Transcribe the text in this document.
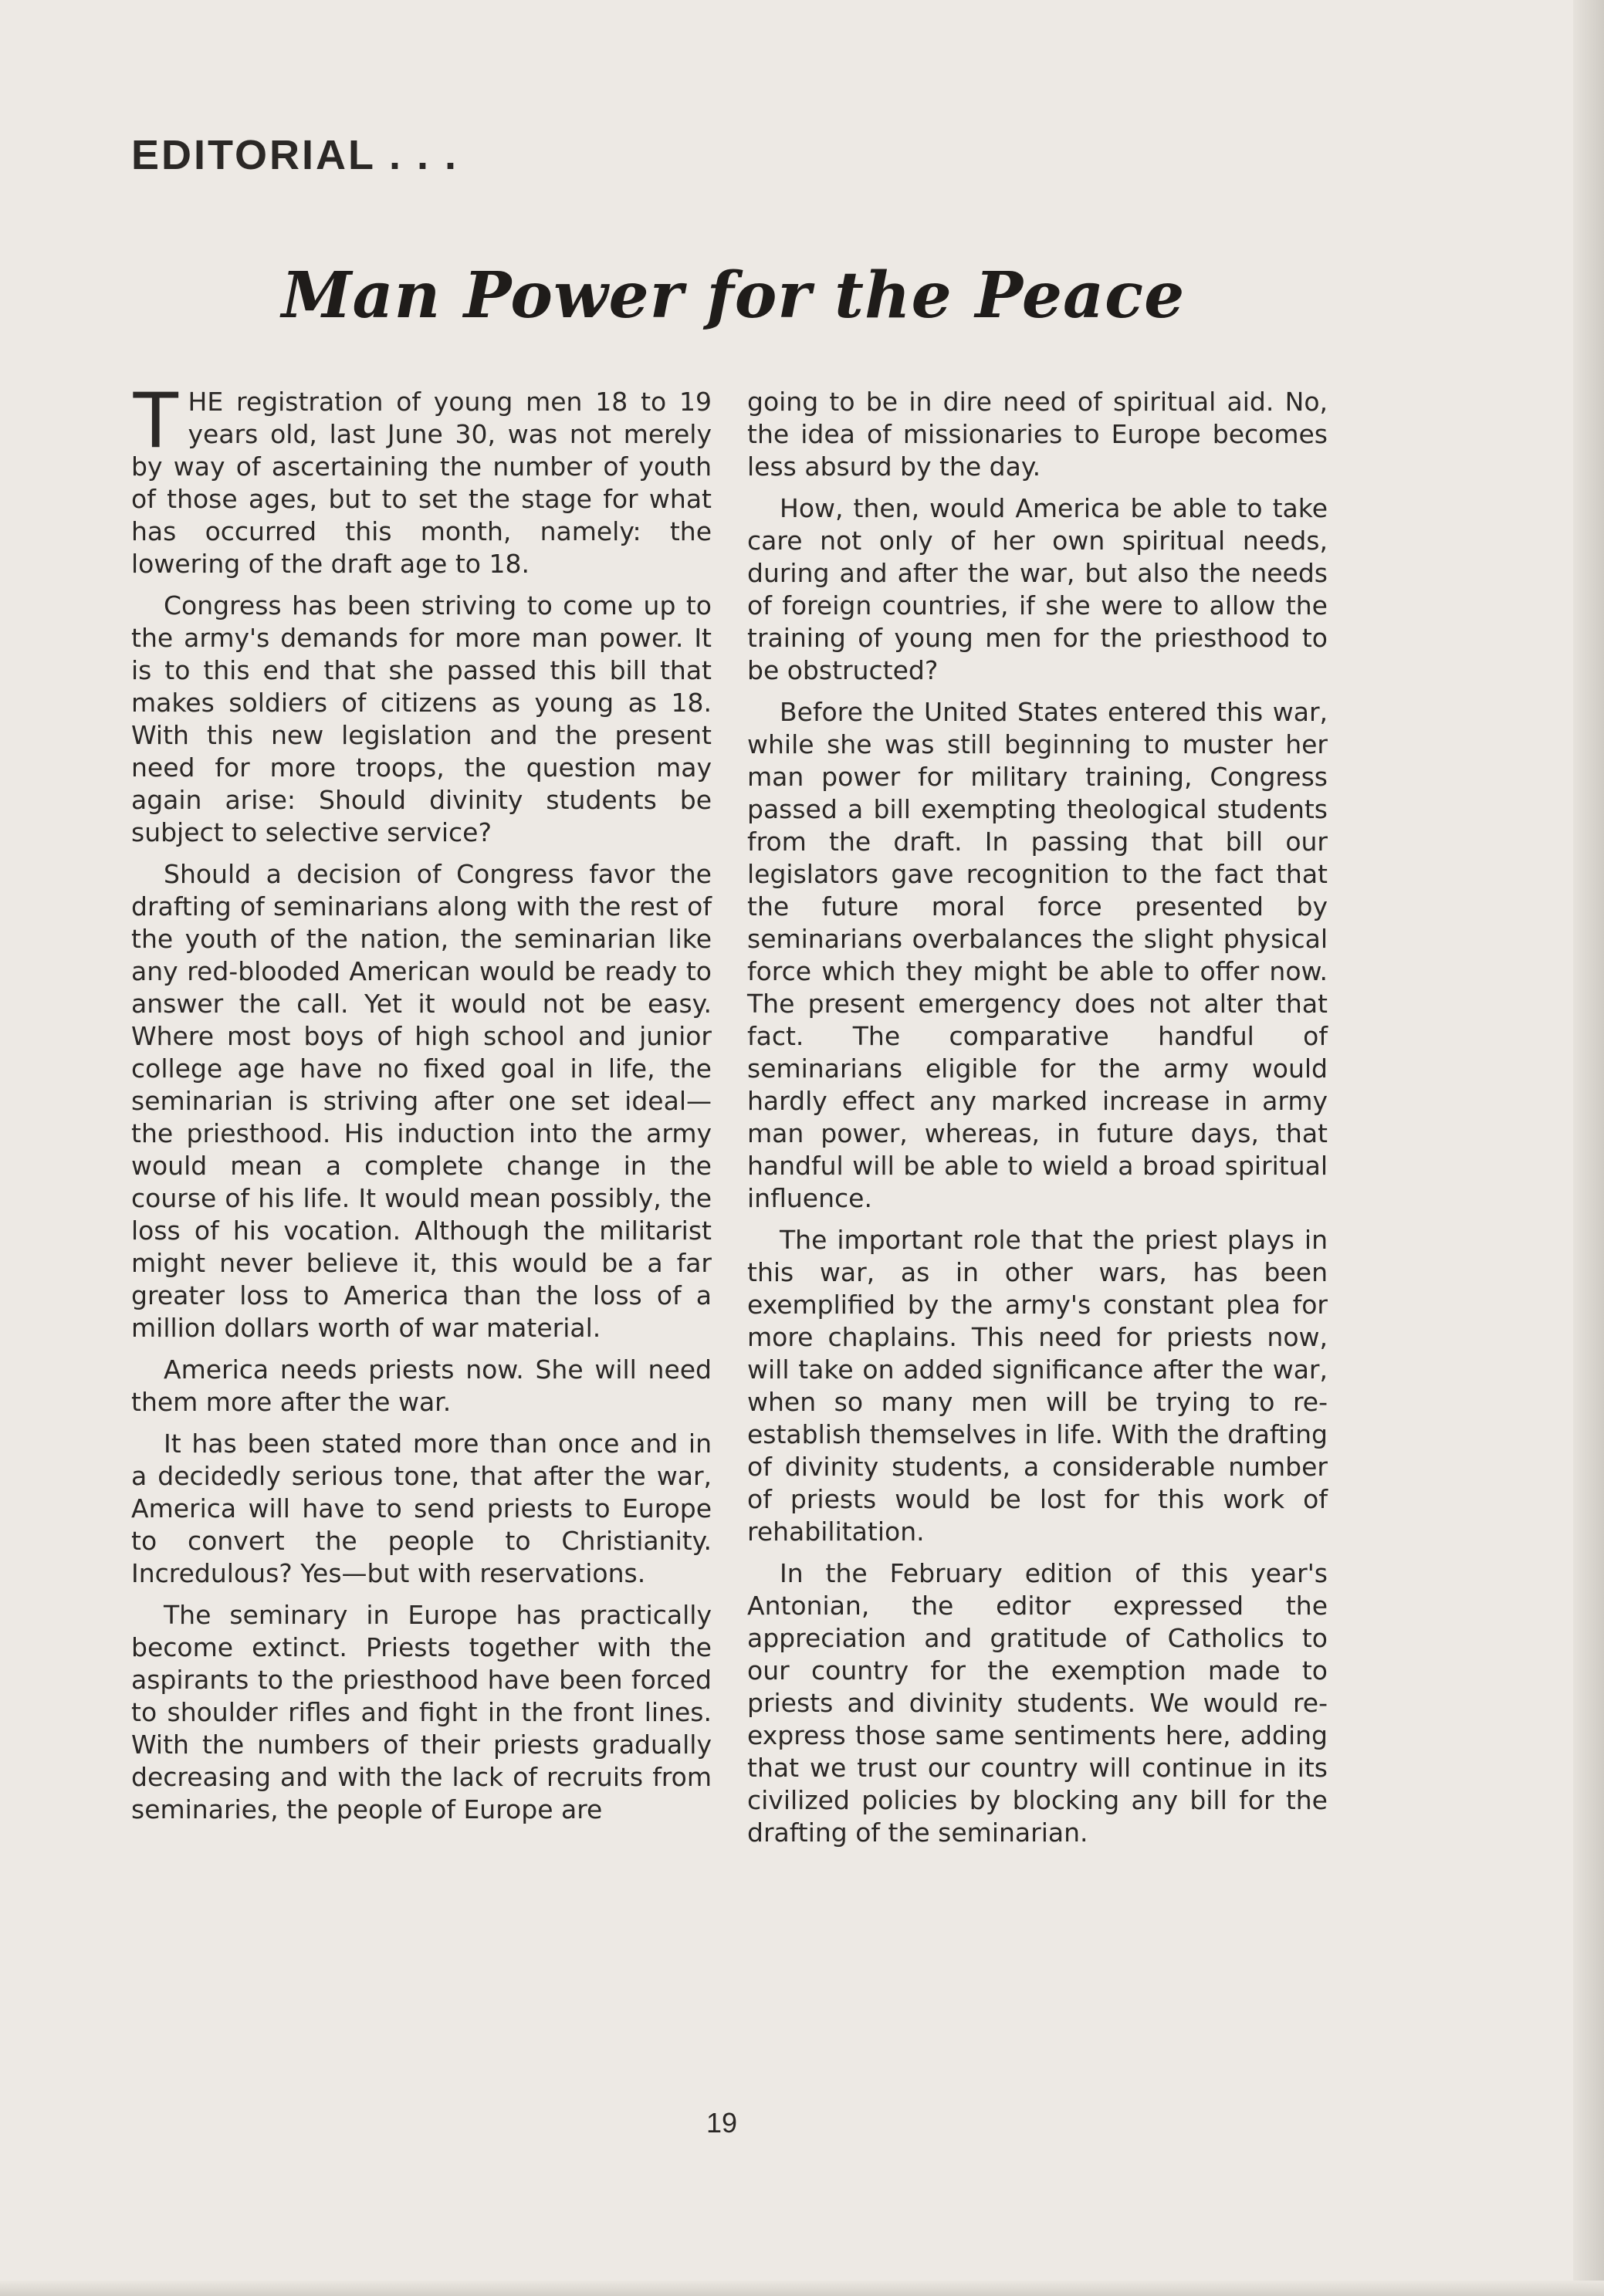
EDITORIAL . . .
Man Power for the Peace

THE registration of young men 18 to 19 years old, last June 30, was not merely by way of ascertaining the number of youth of those ages, but to set the stage for what has occurred this month, namely: the lowering of the draft age to 18.

Congress has been striving to come up to the army's demands for more man power. It is to this end that she passed this bill that makes soldiers of citizens as young as 18. With this new legislation and the present need for more troops, the question may again arise: Should divinity students be subject to selective service?

Should a decision of Congress favor the drafting of seminarians along with the rest of the youth of the nation, the seminarian like any red-blooded American would be ready to answer the call. Yet it would not be easy. Where most boys of high school and junior college age have no fixed goal in life, the seminarian is striving after one set ideal— the priesthood. His induction into the army would mean a complete change in the course of his life. It would mean possibly, the loss of his vocation. Although the militarist might never believe it, this would be a far greater loss to America than the loss of a million dollars worth of war material.

America needs priests now. She will need them more after the war.

It has been stated more than once and in a decidedly serious tone, that after the war, America will have to send priests to Europe to convert the people to Christianity. Incredulous? Yes—but with reservations.

The seminary in Europe has practically become extinct. Priests together with the aspirants to the priesthood have been forced to shoulder rifles and fight in the front lines. With the numbers of their priests gradually decreasing and with the lack of recruits from seminaries, the people of Europe are

going to be in dire need of spiritual aid. No, the idea of missionaries to Europe becomes less absurd by the day.

How, then, would America be able to take care not only of her own spiritual needs, during and after the war, but also the needs of foreign countries, if she were to allow the training of young men for the priesthood to be obstructed?

Before the United States entered this war, while she was still beginning to muster her man power for military training, Congress passed a bill exempting theological students from the draft. In passing that bill our legislators gave recognition to the fact that the future moral force presented by seminarians overbalances the slight physical force which they might be able to offer now. The present emergency does not alter that fact. The comparative handful of seminarians eligible for the army would hardly effect any marked increase in army man power, whereas, in future days, that handful will be able to wield a broad spiritual influence.

The important role that the priest plays in this war, as in other wars, has been exemplified by the army's constant plea for more chaplains. This need for priests now, will take on added significance after the war, when so many men will be trying to re-establish themselves in life. With the drafting of divinity students, a considerable number of priests would be lost for this work of rehabilitation.

In the February edition of this year's Antonian, the editor expressed the appreciation and gratitude of Catholics to our country for the exemption made to priests and divinity students. We would re-express those same sentiments here, adding that we trust our country will continue in its civilized policies by blocking any bill for the drafting of the seminarian.

19
